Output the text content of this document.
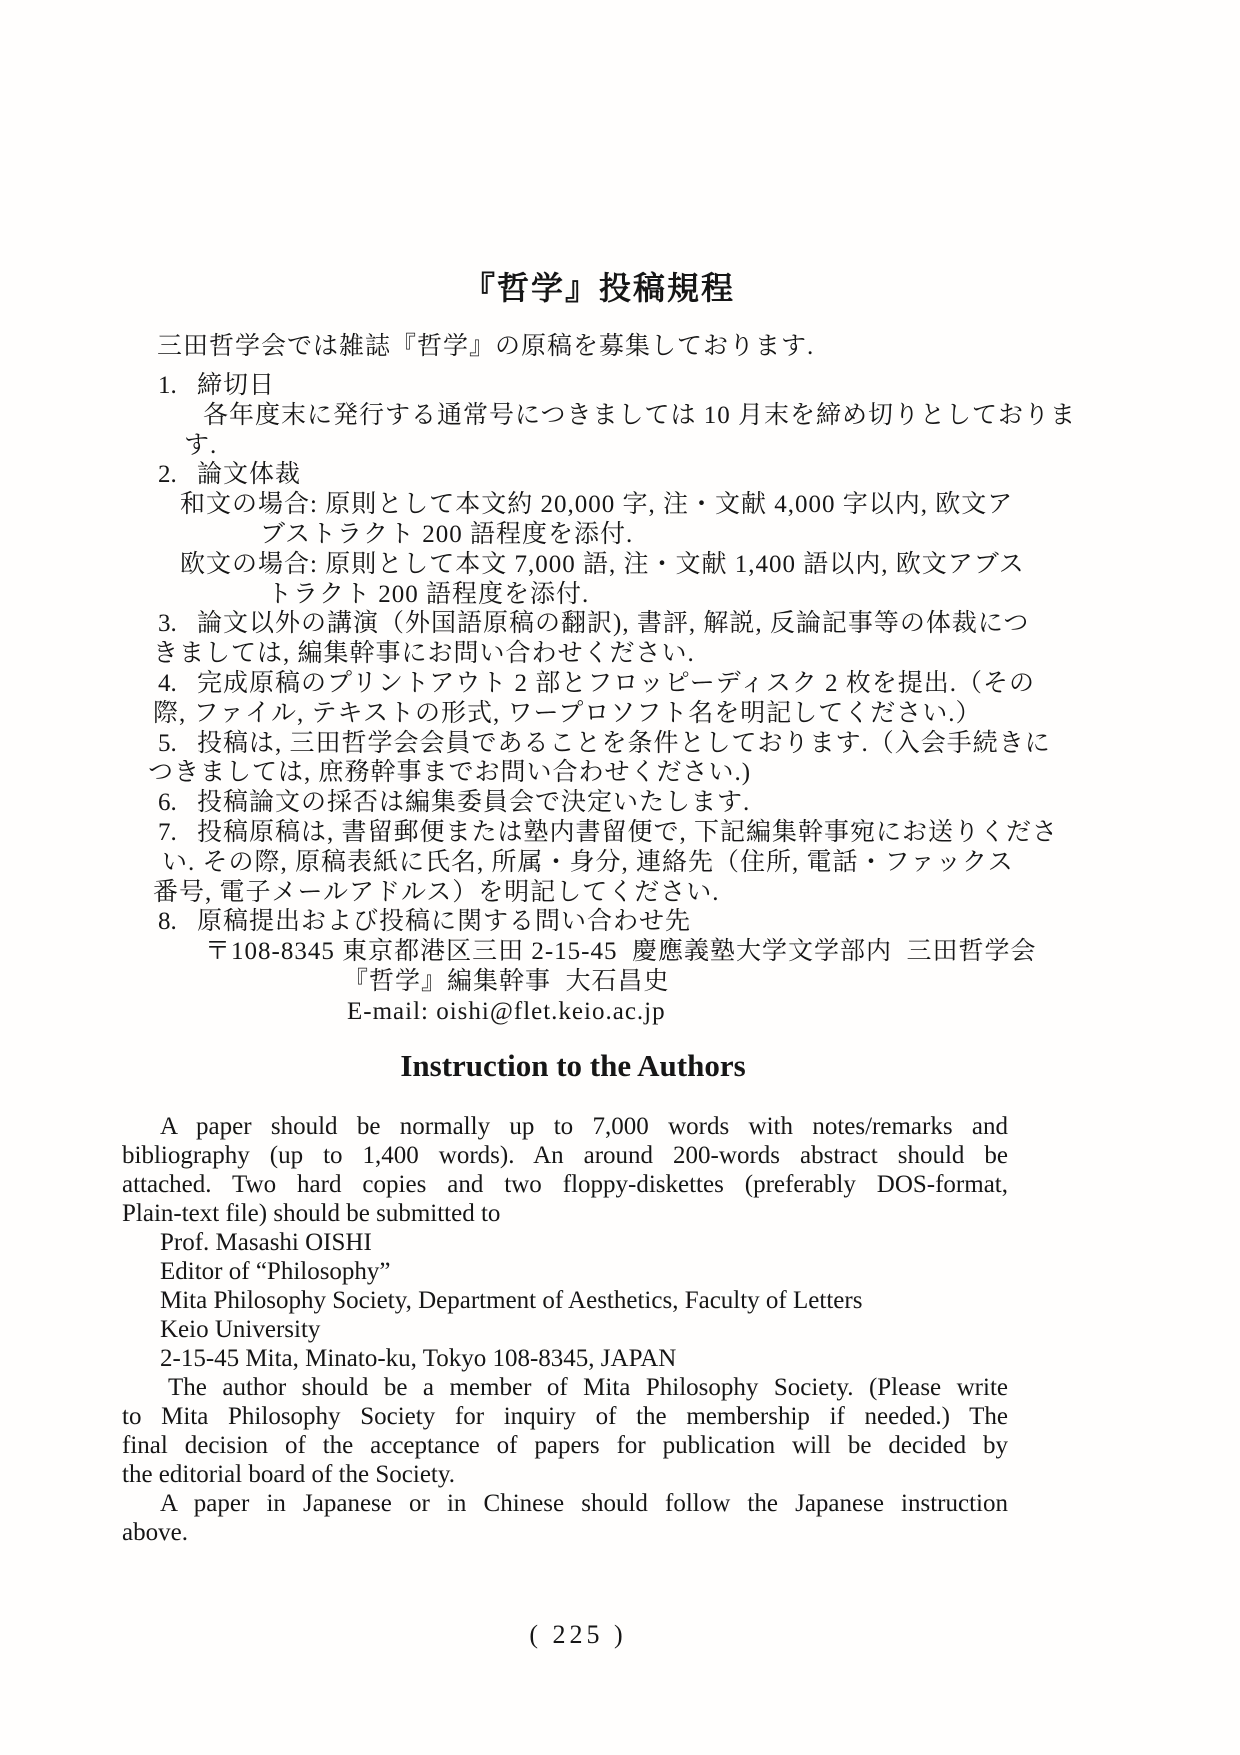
『哲学』投稿規程
三田哲学会では雑誌『哲学』の原稿を募集しております.
1. 締切日
各年度末に発行する通常号につきましては 10 月末を締め切りとしておりま
す.
2. 論文体裁
和文の場合: 原則として本文約 20,000 字, 注・文献 4,000 字以内, 欧文ア
ブストラクト 200 語程度を添付.
欧文の場合: 原則として本文 7,000 語, 注・文献 1,400 語以内, 欧文アブス
トラクト 200 語程度を添付.
3. 論文以外の講演（外国語原稿の翻訳), 書評, 解説, 反論記事等の体裁につ
きましては, 編集幹事にお問い合わせください.
4. 完成原稿のプリントアウト 2 部とフロッピーディスク 2 枚を提出.（その
際, ファイル, テキストの形式, ワープロソフト名を明記してください.）
5. 投稿は, 三田哲学会会員であることを条件としております.（入会手続きに
つきましては, 庶務幹事までお問い合わせください.)
6. 投稿論文の採否は編集委員会で決定いたします.
7. 投稿原稿は, 書留郵便または塾内書留便で, 下記編集幹事宛にお送りくださ
い. その際, 原稿表紙に氏名, 所属・身分, 連絡先（住所, 電話・ファックス
番号, 電子メールアドルス）を明記してください.
8. 原稿提出および投稿に関する問い合わせ先
〒108-8345 東京都港区三田 2-15-45  慶應義塾大学文学部内  三田哲学会
『哲学』編集幹事  大石昌史
E-mail: oishi@flet.keio.ac.jp
Instruction to the Authors
A paper should be normally up to 7,000 words with notes/remarks and
bibliography (up to 1,400 words). An around 200-words abstract should be
attached. Two hard copies and two floppy-diskettes (preferably DOS-format,
Plain-text file) should be submitted to
Prof. Masashi OISHI
Editor of “Philosophy”
Mita Philosophy Society, Department of Aesthetics, Faculty of Letters
Keio University
2-15-45 Mita, Minato-ku, Tokyo 108-8345, JAPAN
The author should be a member of Mita Philosophy Society. (Please write
to Mita Philosophy Society for inquiry of the membership if needed.) The
final decision of the acceptance of papers for publication will be decided by
the editorial board of the Society.
A paper in Japanese or in Chinese should follow the Japanese instruction
above.
( 225 )
